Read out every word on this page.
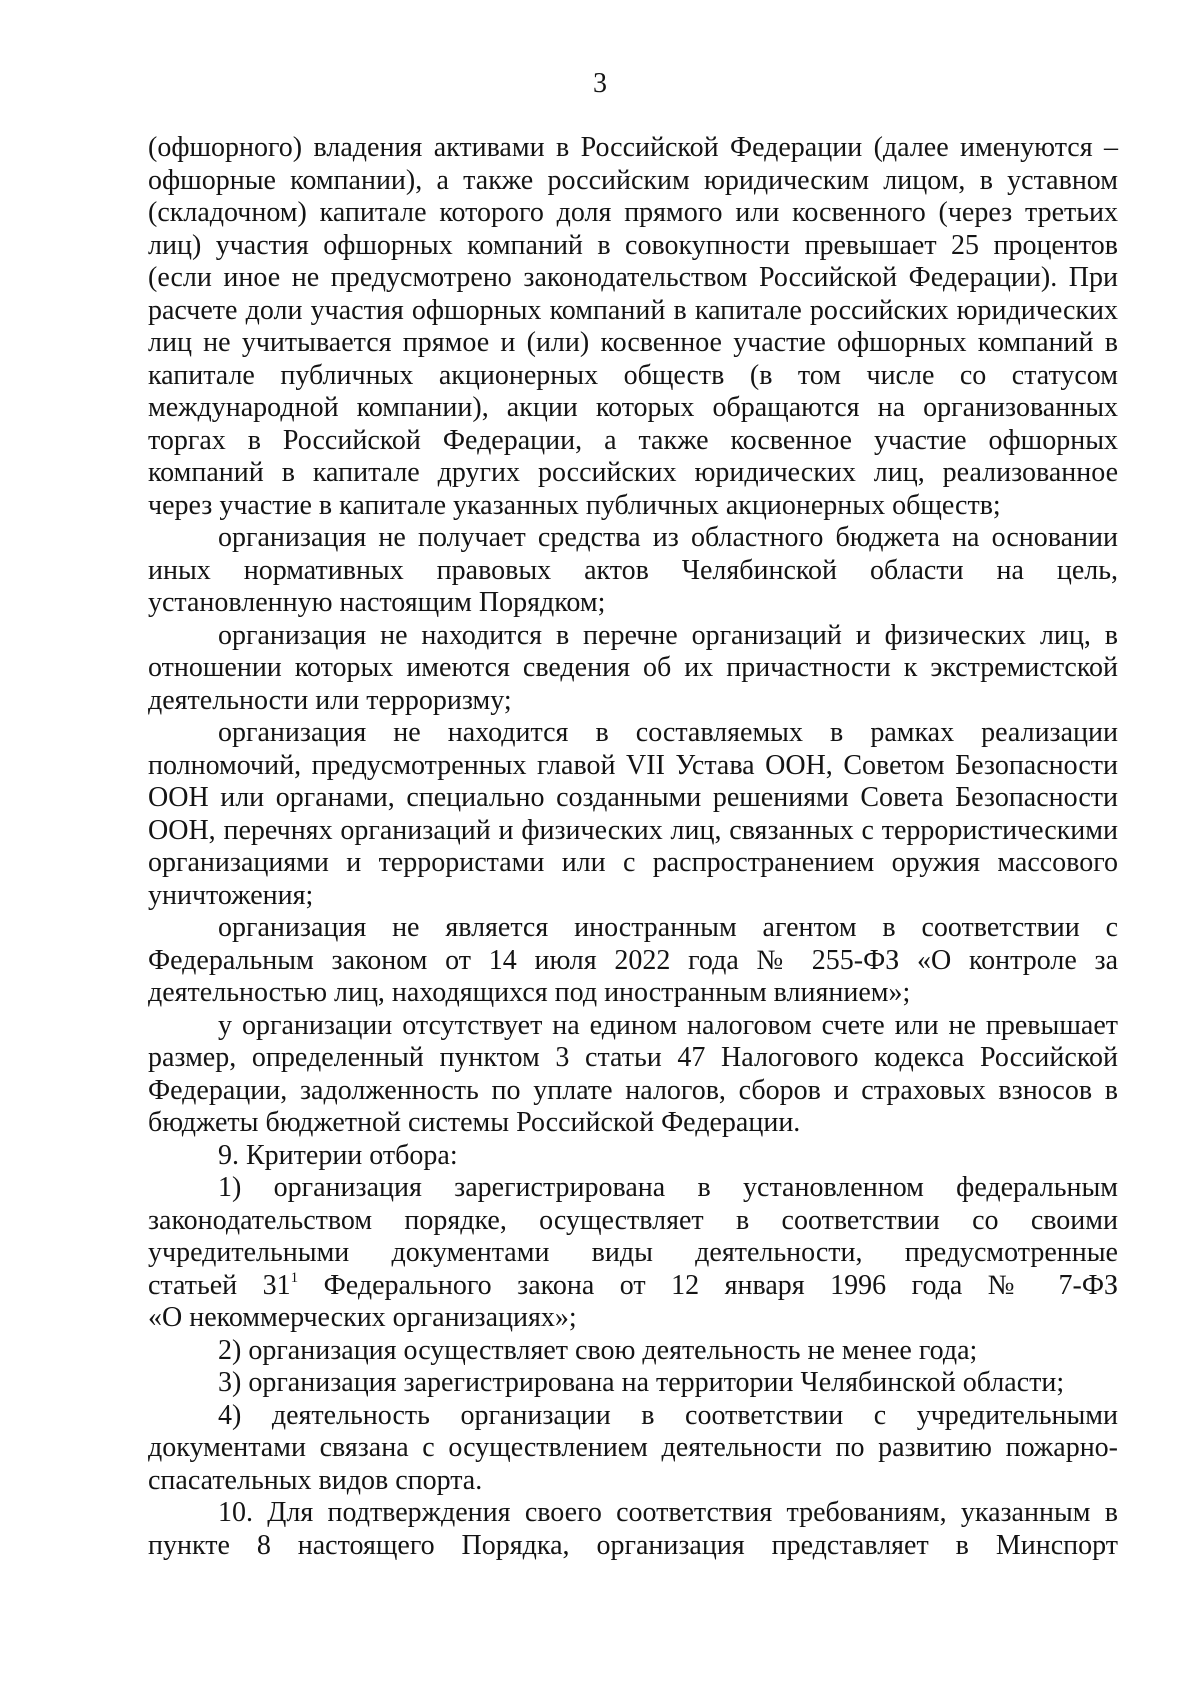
3
(офшорного) владения активами в Российской Федерации (далее именуются –
офшорные компании), а также российским юридическим лицом, в уставном
(складочном) капитале которого доля прямого или косвенного (через третьих
лиц) участия офшорных компаний в совокупности превышает 25 процентов
(если иное не предусмотрено законодательством Российской Федерации). При
расчете доли участия офшорных компаний в капитале российских юридических
лиц не учитывается прямое и (или) косвенное участие офшорных компаний в
капитале публичных акционерных обществ (в том числе со статусом
международной компании), акции которых обращаются на организованных
торгах в Российской Федерации, а также косвенное участие офшорных
компаний в капитале других российских юридических лиц, реализованное
через участие в капитале указанных публичных акционерных обществ;
организация не получает средства из областного бюджета на основании
иных нормативных правовых актов Челябинской области на цель,
установленную настоящим Порядком;
организация не находится в перечне организаций и физических лиц, в
отношении которых имеются сведения об их причастности к экстремистской
деятельности или терроризму;
организация не находится в составляемых в рамках реализации
полномочий, предусмотренных главой VII Устава ООН, Советом Безопасности
ООН или органами, специально созданными решениями Совета Безопасности
ООН, перечнях организаций и физических лиц, связанных с террористическими
организациями и террористами или с распространением оружия массового
уничтожения;
организация не является иностранным агентом в соответствии с
Федеральным законом от 14 июля 2022 года № 255-ФЗ «О контроле за
деятельностью лиц, находящихся под иностранным влиянием»;
у организации отсутствует на едином налоговом счете или не превышает
размер, определенный пунктом 3 статьи 47 Налогового кодекса Российской
Федерации, задолженность по уплате налогов, сборов и страховых взносов в
бюджеты бюджетной системы Российской Федерации.
9. Критерии отбора:
1) организация зарегистрирована в установленном федеральным
законодательством порядке, осуществляет в соответствии со своими
учредительными документами виды деятельности, предусмотренные
статьей $31^1$ Федерального закона от 12 января 1996 года № 7-ФЗ
«О некоммерческих организациях»;
2) организация осуществляет свою деятельность не менее года;
3) организация зарегистрирована на территории Челябинской области;
4) деятельность организации в соответствии с учредительными
документами связана с осуществлением деятельности по развитию пожарно-
спасательных видов спорта.
10. Для подтверждения своего соответствия требованиям, указанным в
пункте 8 настоящего Порядка, организация представляет в Минспорт
